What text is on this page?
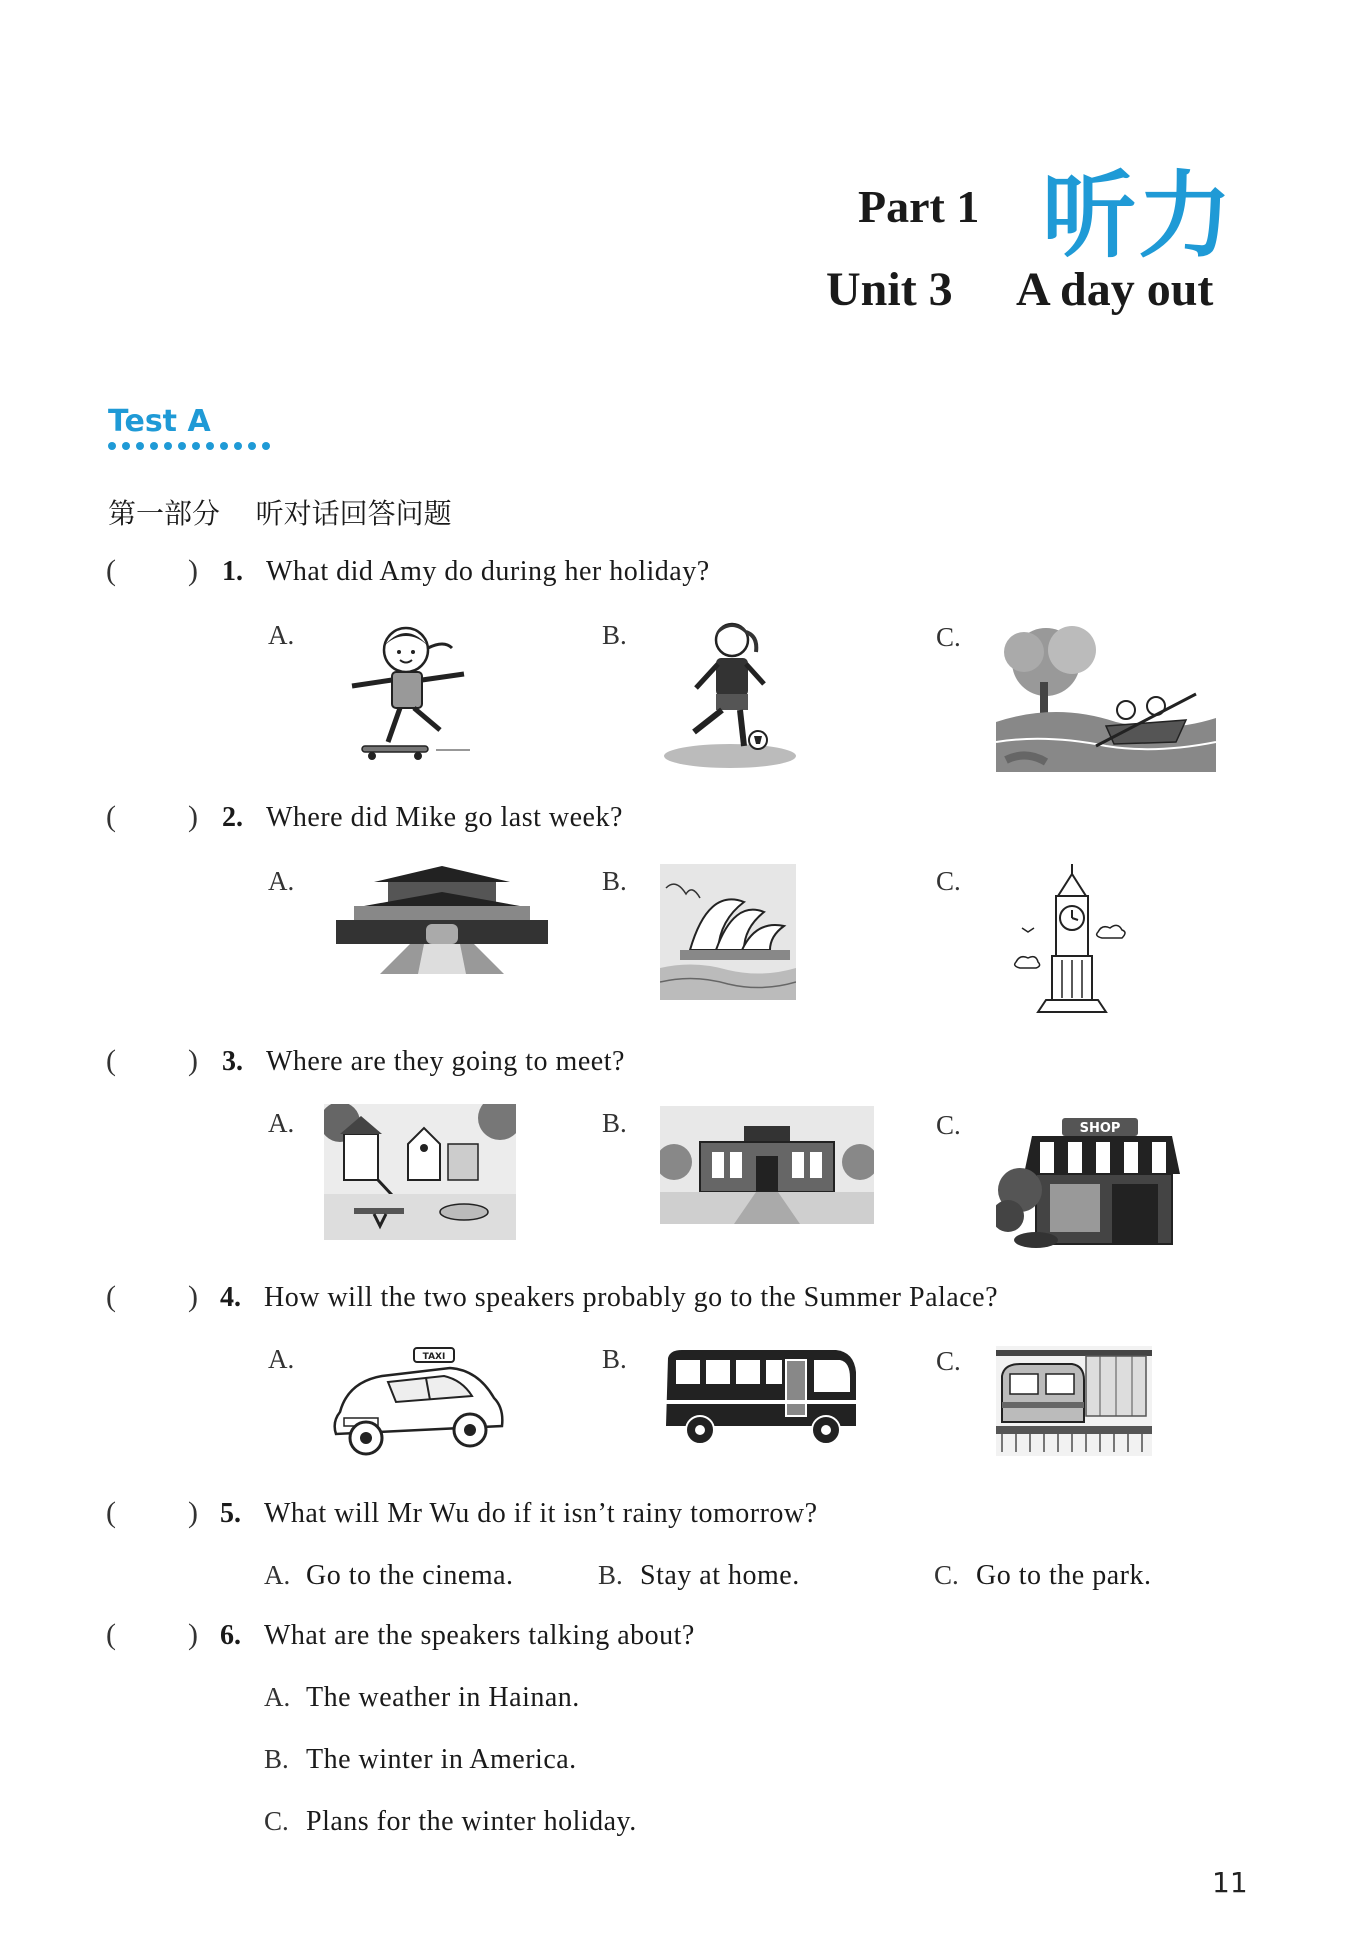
Part 1 听力
Unit 3 A day out
Test A
第一部分    听对话回答问题
( ) 1. What did Amy do during her holiday?
A.	B.	C.
( ) 2. Where did Mike go last week?
A.	B.	C.
( ) 3. Where are they going to meet?
A.	B.	C.	SHOP
( ) 4. How will the two speakers probably go to the Summer Palace?
A.	B.	C.
TAXI
( ) 5. What will Mr Wu do if it isn’t rainy tomorrow?
A. Go to the cinema.	B. Stay at home.	C. Go to the park.
( ) 6. What are the speakers talking about?
A. The weather in Hainan.
B. The winter in America.
C. Plans for the winter holiday.
11
